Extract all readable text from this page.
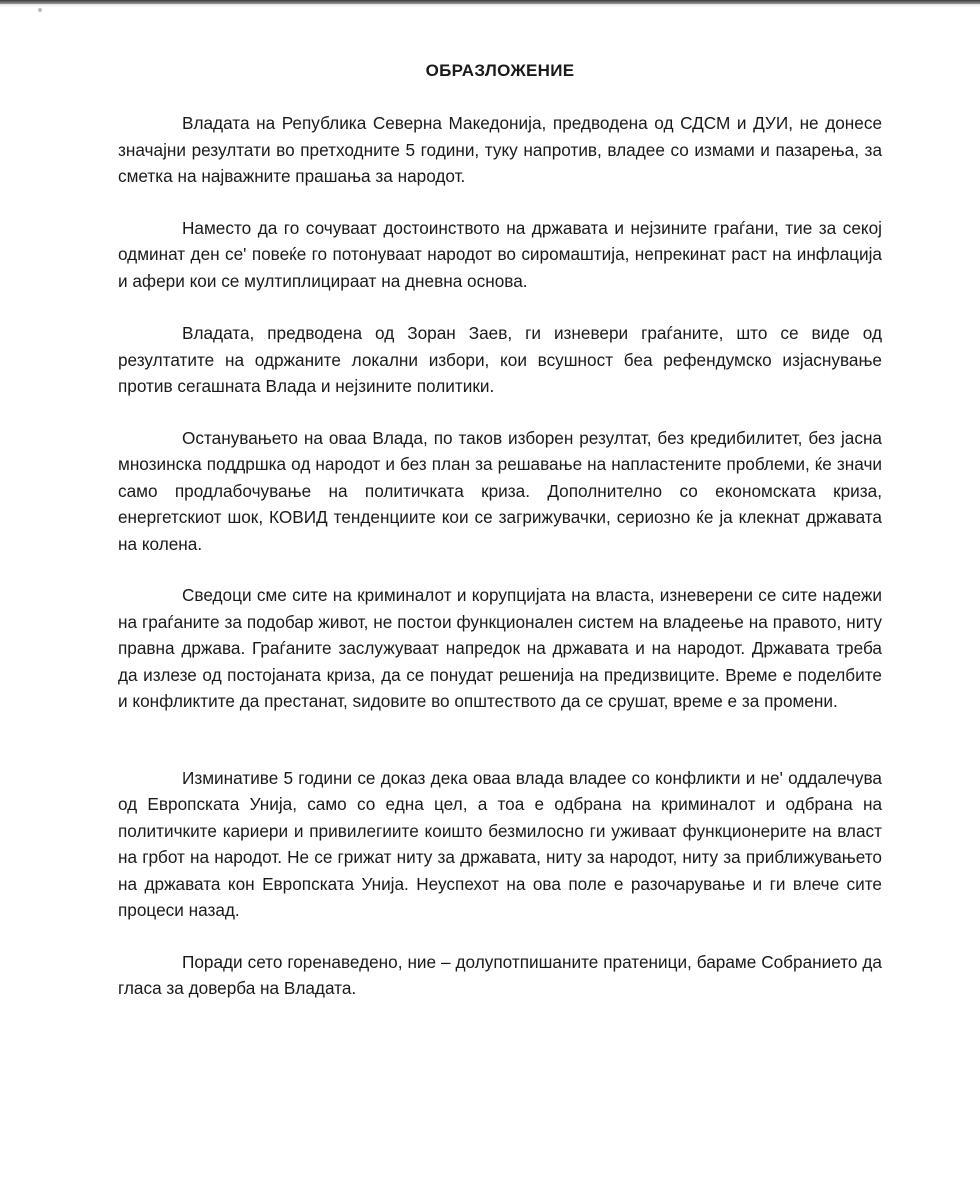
ОБРАЗЛОЖЕНИЕ

Владата на Република Северна Македонија, предводена од СДСМ и ДУИ, не донесе значајни резултати во претходните 5 години, туку напротив, владее со измами и пазарења, за сметка на најважните прашања за народот.

Наместо да го сочуваат достоинството на државата и нејзините граѓани, тие за секој одминат ден се' повеќе го потонуваат народот во сиромаштија, непрекинат раст на инфлација и афери кои се мултиплицираат на дневна основа.

Владата, предводена од Зоран Заев, ги изневери граѓаните, што се виде од резултатите на одржаните локални избори, кои всушност беа рефендумско изјаснување против сегашната Влада и нејзините политики.

Останувањето на оваа Влада, по таков изборен резултат, без кредибилитет, без јасна мнозинска поддршка од народот и без план за решавање на напластените проблеми, ќе значи само продлабочување на политичката криза. Дополнително со економската криза, енергетскиот шок, КОВИД тенденциите кои се загрижувачки, сериозно ќе ја клекнат државата на колена.

Сведоци сме сите на криминалот и корупцијата на власта, изневерени се сите надежи на граѓаните за подобар живот, не постои функционален систем на владеење на правото, ниту правна држава. Граѓаните заслужуваат напредок на државата и на народот. Државата треба да излезе од постојаната криза, да се понудат решенија на предизвиците. Време е поделбите и конфликтите да престанат, ѕидовите во општеството да се срушат, време е за промени.

Изминативе 5 години се доказ дека оваа влада владее со конфликти и не' оддалечува од Европската Унија, само со една цел, а тоа е одбрана на криминалот и одбрана на политичките кариери и привилегиите коишто безмилосно ги уживаат функционерите на власт на грбот на народот. Не се грижат ниту за државата, ниту за народот, ниту за приближувањето на државата кон Европската Унија. Неуспехот на ова поле е разочарување и ги влече сите процеси назад.

Поради сето горенаведено, ние – долупотпишаните пратеници, бараме Собранието да гласа за доверба на Владата.
